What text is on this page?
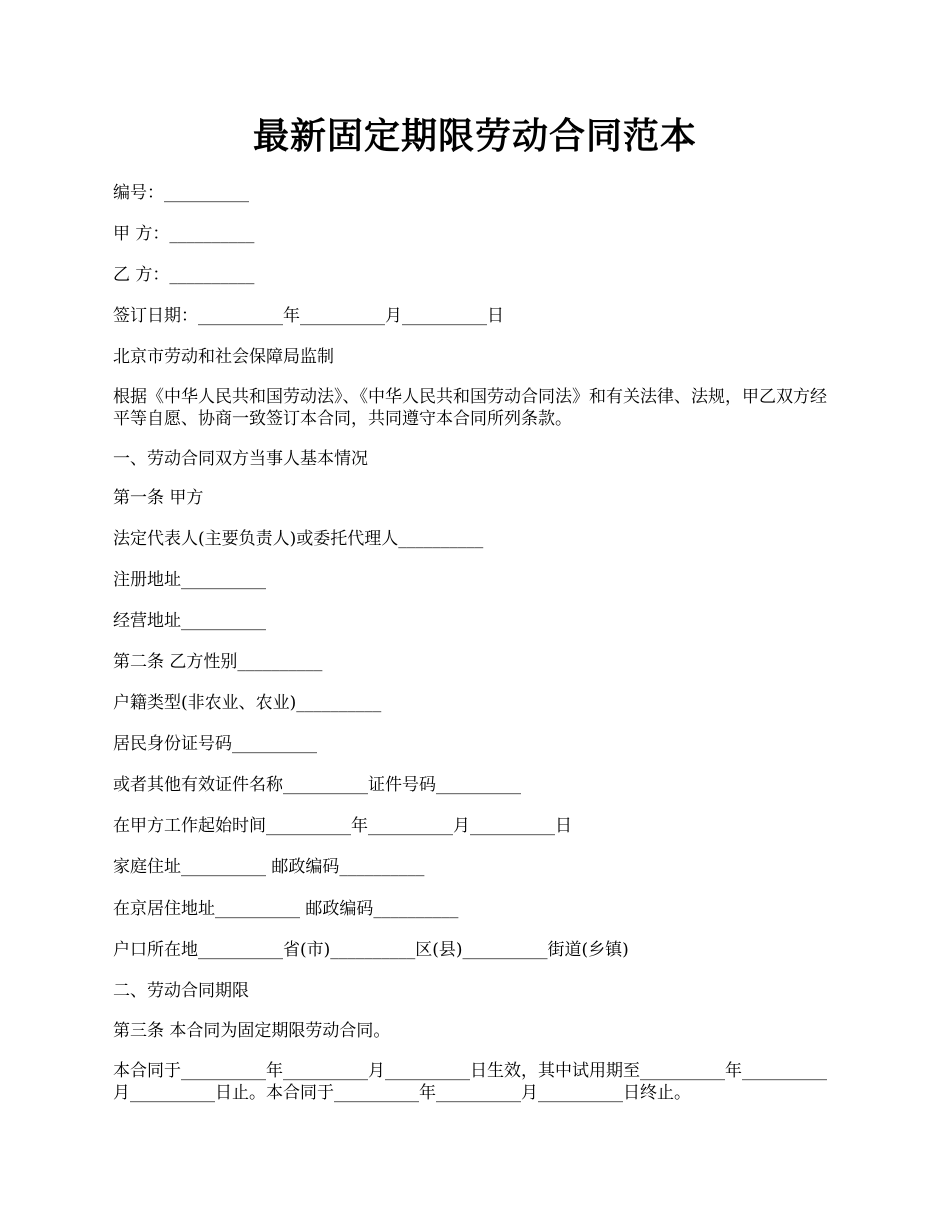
最新固定期限劳动合同范本
编号：__________
甲 方：__________
乙 方：__________
签订日期：__________年__________月__________日
北京市劳动和社会保障局监制
根据《中华人民共和国劳动法》、《中华人民共和国劳动合同法》和有关法律、法规，甲乙双方经平等自愿、协商一致签订本合同，共同遵守本合同所列条款。
一、劳动合同双方当事人基本情况
第一条 甲方
法定代表人(主要负责人)或委托代理人__________
注册地址__________
经营地址__________
第二条 乙方性别__________
户籍类型(非农业、农业)__________
居民身份证号码__________
或者其他有效证件名称__________证件号码__________
在甲方工作起始时间__________年__________月__________日
家庭住址__________ 邮政编码__________
在京居住地址__________ 邮政编码__________
户口所在地__________省(市)__________区(县)__________街道(乡镇)
二、劳动合同期限
第三条 本合同为固定期限劳动合同。
本合同于__________年__________月__________日生效，其中试用期至__________年__________月__________日止。本合同于__________年__________月__________日终止。
